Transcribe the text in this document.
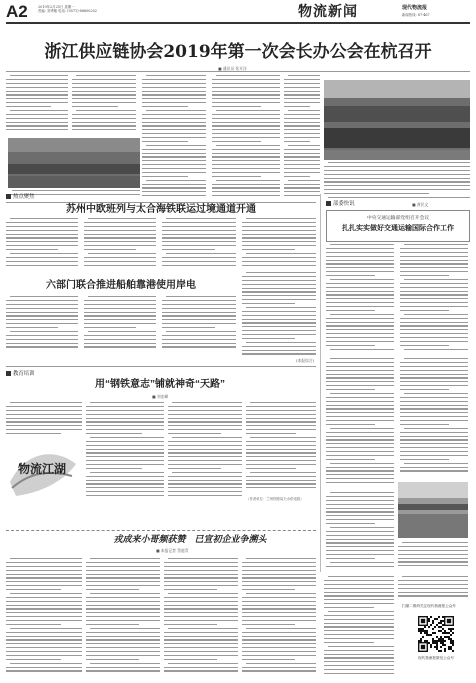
A2	2019年2月25日 星期一
责编: 刘秀敏 电话: (0571)-88600202	物流新闻	现代物流报
新闻热线: 87-467
浙江供应链协会2019年第一次会长办公会在杭召开
■ 通讯员 张开洋
热点聚焦
苏州中欧班列与太合海铁联运过境通道开通
六部门联合推进船舶靠港使用岸电
(本报综合)
部委快讯	■ 龚民文
中央交通运输部党组召开会议
扎扎实实做好交通运输国际合作工作
教育培训
用“钢铁意志”铺就神奇“天路”
■ 刘宏峰
（作者单位：兰州铁路局天水供电段）
物流江湖
戎成来小哥频获赞　已宣初企业争溯头
■ 本报记者 蔡庭青
扫描二维码关注现代物流报公众号
现代物流报微信公众号
